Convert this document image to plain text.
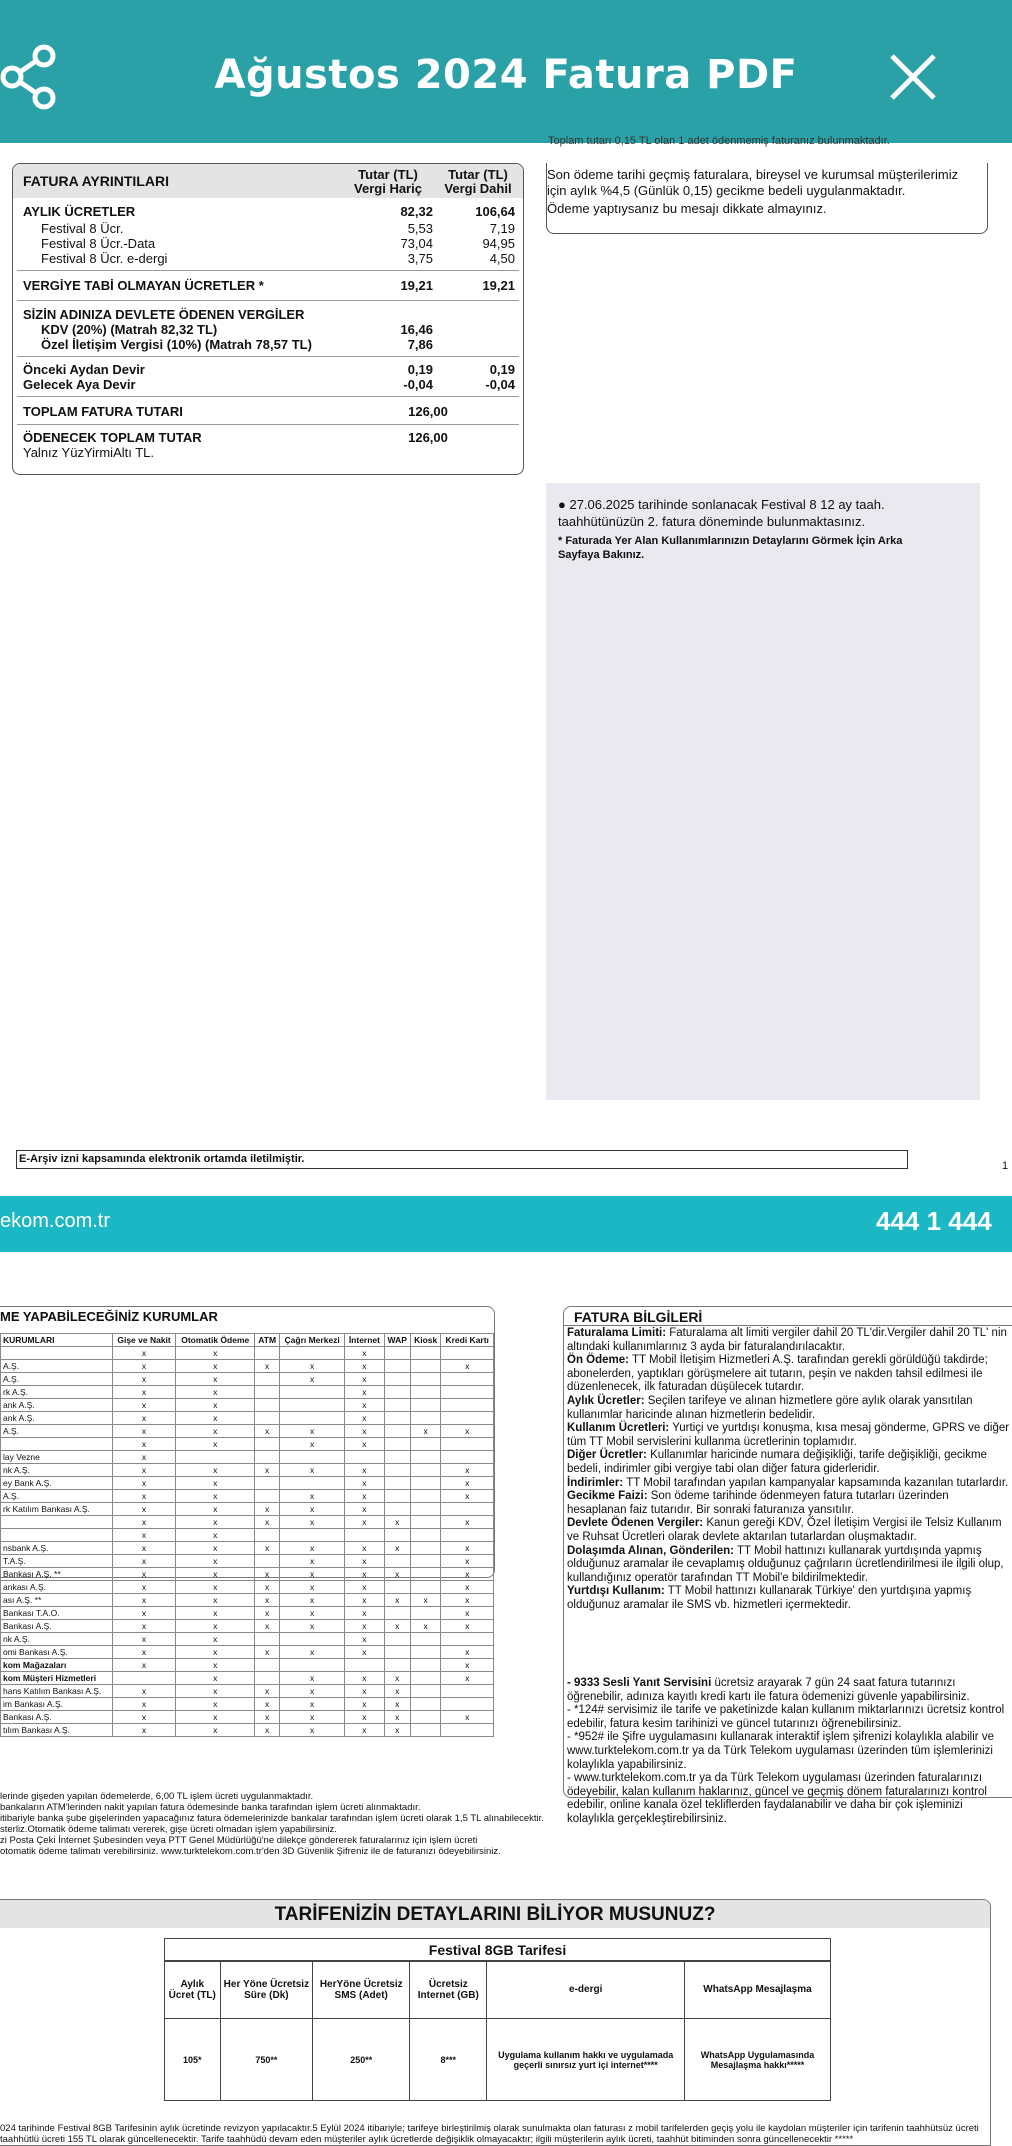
Ağustos 2024 Fatura PDF
Toplam tutarı 0,15 TL olan 1 adet ödenmemiş faturanız bulunmaktadır.
FATURA AYRINTILARI	Tutar (TL)
Vergi Hariç
Tutar (TL)
Vergi Dahil
AYLIK ÜCRETLER	82,32	106,64
Festival 8 Ücr.	5,53	7,19
Festival 8 Ücr.-Data	73,04	94,95
Festival 8 Ücr. e-dergi	3,75	4,50
VERGİYE TABİ OLMAYAN ÜCRETLER *	19,21	19,21
SİZİN ADINIZA DEVLETE ÖDENEN VERGİLER
KDV (20%) (Matrah 82,32 TL)	16,46
Özel İletişim Vergisi (10%) (Matrah 78,57 TL)	7,86
Önceki Aydan Devir	0,19	0,19
Gelecek Aya Devir	-0,04	-0,04
TOPLAM FATURA TUTARI	126,00
ÖDENECEK TOPLAM TUTAR	126,00
Yalnız YüzYirmiAltı TL.
Son ödeme tarihi geçmiş faturalara, bireysel ve kurumsal müşterilerimiz
için aylık %4,5 (Günlük 0,15) gecikme bedeli uygulanmaktadır.
Ödeme yaptıysanız bu mesajı dikkate almayınız.
● 27.06.2025 tarihinde sonlanacak Festival 8 12 ay taah.
taahhütünüzün 2. fatura döneminde bulunmaktasınız.
* Faturada Yer Alan Kullanımlarınızın Detaylarını Görmek İçin Arka
Sayfaya Bakınız.
E-Arşiv izni kapsamında elektronik ortamda iletilmiştir.
1
ekom.com.tr	444 1 444
ME YAPABİLECEĞİNİZ KURUMLAR
KURUMLARI	Gişe ve Nakit	Otomatik Ödeme	ATM	Çağrı Merkezi	İnternet	WAP	Kiosk	Kredi Kartı
	x	x			x			
A.Ş.	x	x	x	x	x			x
A.Ş.	x	x		x	x			
rk A.Ş.	x	x			x			
ank A.Ş.	x	x			x			
ank A.Ş.	x	x			x			
A.Ş.	x	x	x	x	x		x	x
	x	x		x	x			
lay Vezne	x							
nk A.Ş.	x	x	x	x	x			x
ey Bank A.Ş.	x	x			x			x
A.Ş.	x	x		x	x			x
rk Katılım Bankası A.Ş.	x	x	x	x	x			
	x	x	x	x	x	x		x
	x	x						
nsbank A.Ş.	x	x	x	x	x	x		x
T.A.Ş.	x	x		x	x			x
Bankası A.Ş. **	x	x	x	x	x	x		x
ankası A.Ş.	x	x	x	x	x			x
ası A.Ş. **	x	x	x	x	x	x	x	x
Bankası T.A.O.	x	x	x	x	x			x
Bankası A.Ş.	x	x	x	x	x	x	x	x
nk A.Ş.	x	x			x			
omi Bankası A.Ş.	x	x	x	x	x			x
kom Mağazaları	x	x						x
kom Müşteri Hizmetleri		x		x	x	x		x
hans Katılım Bankası A.Ş.	x	x	x	x	x	x		
im Bankası A.Ş.	x	x	x	x	x	x		
Bankası A.Ş.	x	x	x	x	x	x		x
tılım Bankası A.Ş.	x	x	x	x	x	x		
lerinde gişeden yapılan ödemelerde, 6,00 TL işlem ücreti uygulanmaktadır.
bankaların ATM'lerinden nakit yapılan fatura ödemesinde banka tarafından işlem ücreti alınmaktadır.
itibariyle banka şube gişelerinden yapacağınız fatura ödemelerinizde bankalar tarafından işlem ücreti olarak 1,5 TL alınabilecektir.
sterliz.Otomatik ödeme talimatı vererek, gişe ücreti olmadan işlem yapabilirsiniz.
zi Posta Çeki İnternet Şubesinden veya PTT Genel Müdürlüğü'ne dilekçe göndererek faturalarınız için işlem ücreti
otomatik ödeme talimatı verebilirsiniz. www.turktelekom.com.tr'den 3D Güvenlik Şifreniz ile de faturanızı ödeyebilirsiniz.
FATURA BİLGİLERİ
Faturalama Limiti: Faturalama alt limiti vergiler dahil 20 TL'dir.Vergiler dahil 20 TL' nin altındaki kullanımlarınız 3 ayda bir faturalandırılacaktır.
Ön Ödeme: TT Mobil İletişim Hizmetleri A.Ş. tarafından gerekli görüldüğü takdirde; abonelerden, yaptıkları görüşmelere ait tutarın, peşin ve nakden tahsil edilmesi ile düzenlenecek, ilk faturadan düşülecek tutardır.
Aylık Ücretler: Seçilen tarifeye ve alınan hizmetlere göre aylık olarak yansıtılan kullanımlar haricinde alınan hizmetlerin bedelidir.
Kullanım Ücretleri: Yurtiçi ve yurtdışı konuşma, kısa mesaj gönderme, GPRS ve diğer tüm TT Mobil servislerini kullanma ücretlerinin toplamıdır.
Diğer Ücretler: Kullanımlar haricinde numara değişikliği, tarife değişikliği, gecikme bedeli, indirimler gibi vergiye tabi olan diğer fatura giderleridir.
İndirimler: TT Mobil tarafından yapılan kampanyalar kapsamında kazanılan tutarlardır.
Gecikme Faizi: Son ödeme tarihinde ödenmeyen fatura tutarları üzerinden hesaplanan faiz tutarıdır. Bir sonraki faturanıza yansıtılır.
Devlete Ödenen Vergiler: Kanun gereği KDV, Özel İletişim Vergisi ile Telsiz Kullanım ve Ruhsat Ücretleri olarak devlete aktarılan tutarlardan oluşmaktadır.
Dolaşımda Alınan, Gönderilen: TT Mobil hattınızı kullanarak yurtdışında yapmış olduğunuz aramalar ile cevaplamış olduğunuz çağrıların ücretlendirilmesi ile ilgili olup, kullandığınız operatör tarafından TT Mobil'e bildirilmektedir.
Yurtdışı Kullanım: TT Mobil hattınızı kullanarak Türkiye' den yurtdışına yapmış olduğunuz aramalar ile SMS vb. hizmetleri içermektedir.
- 9333 Sesli Yanıt Servisini ücretsiz arayarak 7 gün 24 saat fatura tutarınızı öğrenebilir, adınıza kayıtlı kredi kartı ile fatura ödemenizi güvenle yapabilirsiniz.
- *124# servisimiz ile tarife ve paketinizde kalan kullanım miktarlarınızı ücretsiz kontrol edebilir, fatura kesim tarihinizi ve güncel tutarınızı öğrenebilirsiniz.
- *952# ile Şifre uygulamasını kullanarak interaktif işlem şifrenizi kolaylıkla alabilir ve www.turktelekom.com.tr ya da Türk Telekom uygulaması üzerinden tüm işlemlerinizi kolaylıkla yapabilirsiniz.
- www.turktelekom.com.tr ya da Türk Telekom uygulaması üzerinden faturalarınızı ödeyebilir, kalan kullanım haklarınız, güncel ve geçmiş dönem faturalarınızı kontrol edebilir, online kanala özel tekliflerden faydalanabilir ve daha bir çok işleminizi kolaylıkla gerçekleştirebilirsiniz.
TARİFENİZİN DETAYLARINI BİLİYOR MUSUNUZ?
Festival 8GB Tarifesi
Aylık Ücret (TL)	Her Yöne Ücretsiz Süre (Dk)	HerYöne Ücretsiz SMS (Adet)	Ücretsiz Internet (GB)	e-dergi	WhatsApp Mesajlaşma
105*	750**	250**	8***	Uygulama kullanım hakkı ve uygulamada geçerli sınırsız yurt içi internet****	WhatsApp Uygulamasında Mesajlaşma hakkı*****
024 tarihinde Festival 8GB Tarifesinin aylık ücretinde revizyon yapılacaktır.5 Eylül 2024 itibariyle; tarifeye birleştirilmiş olarak sunulmakta olan faturası z mobil tarifelerden geçiş yolu ile kaydolan müşteriler için tarifenin taahhütsüz ücreti
taahhütlü ücreti 155 TL olarak güncellenecektir. Tarife taahhüdü devam eden müşteriler aylık ücretlerde değişiklik olmayacaktır; ilgili müşterilerin aylık ücreti, taahhüt bitiminden sonra güncellenecektir *****
